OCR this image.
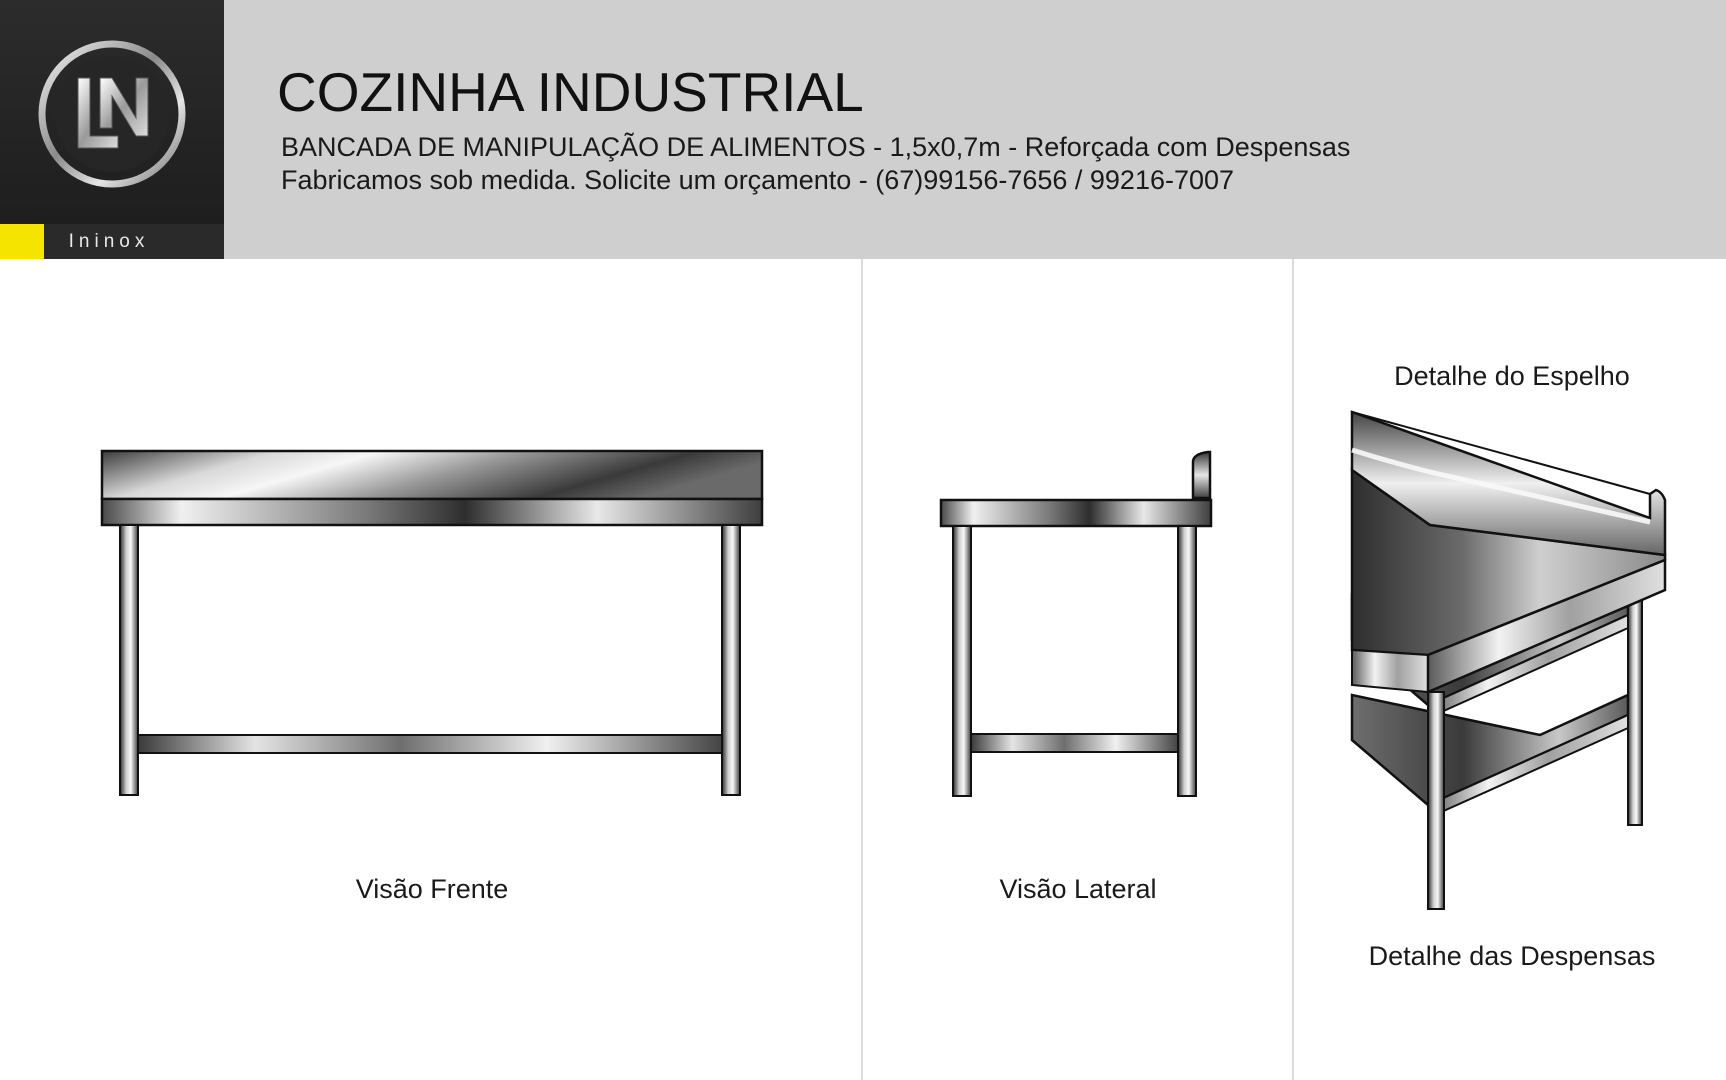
Ininox
COZINHA INDUSTRIAL
BANCADA DE MANIPULAÇÃO DE ALIMENTOS - 1,5x0,7m - Reforçada com Despensas
Fabricamos sob medida. Solicite um orçamento - (67)99156-7656 / 99216-7007
Visão Frente	Visão Lateral
Detalhe do Espelho
Detalhe das Despensas
